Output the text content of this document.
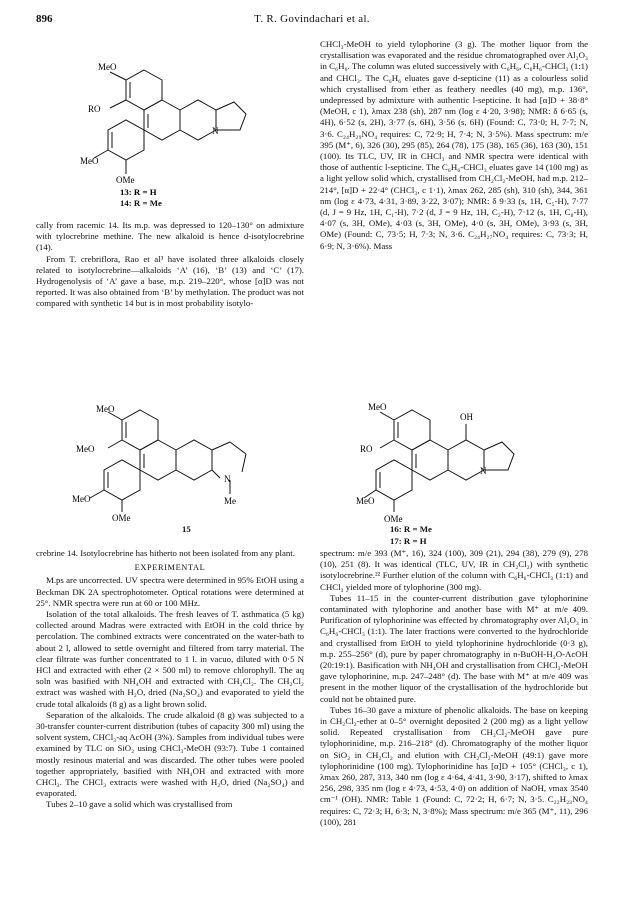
896	T. R. Govindachari et al.
MeO
RO
MeO
OMe
N
13: R = H
14: R = Me

cally from racemic 14. Its m.p. was depressed to 120–130° on admixture with tylocrebrine methine. The new alkaloid is hence d-isotylocrebrine (14).

From T. crebriflora, Rao et al³ have isolated three alkaloids closely related to isotylocrebrine—alkaloids ‘A’ (16), ‘B’ (13) and ‘C’ (17). Hydrogenolysis of ‘A’ gave a base, m.p. 219–220°, whose [α]D was not reported. It was also obtained from ‘B’ by methylation. The product was not compared with synthetic 14 but is in most probability isotylo-

CHCl₃-MeOH to yield tylophorine (3 g). The mother liquor from the crystallisation was evaporated and the residue chromatographed over Al₂O₃ in C₆H₆. The column was eluted successively with C₆H₆, C₆H₆-CHCl₃ (1:1) and CHCl₃. The C₆H₆ eluates gave d-septicine (11) as a colourless solid which crystallised from ether as feathery needles (40 mg), m.p. 136°, undepressed by admixture with authentic l-septicine. It had [α]D + 38·8° (MeOH, c 1), λmax 238 (sh), 287 nm (log ε 4·20, 3·98); NMR: δ 6·65 (s, 4H), 6·52 (s, 2H), 3·77 (s, 6H), 3·56 (s, 6H) (Found: C, 73·0; H, 7·7; N, 3·6. C₂₄H₂₉NO₄ requires: C, 72·9; H, 7·4; N, 3·5%). Mass spectrum: m/e 395 (M⁺, 6), 326 (30), 295 (85), 264 (78), 175 (38), 165 (36), 163 (30), 151 (100). Its TLC, UV, IR in CHCl₃ and NMR spectra were identical with those of authentic l-septicine. The C₆H₆-CHCl₃ eluates gave 14 (100 mg) as a light yellow solid which, crystallised from CH₂Cl₂-MeOH, had m.p. 212–214°, [α]D + 22·4° (CHCl₃, c 1·1), λmax 262, 285 (sh), 310 (sh), 344, 361 nm (log ε 4·73, 4·31, 3·89, 3·22, 3·07); NMR: δ 9·33 (s, 1H, C₅-H), 7·77 (d, J = 9 Hz, 1H, C₁-H), 7·2 (d, J = 9 Hz, 1H, C₂-H), 7·12 (s, 1H, C₈-H), 4·07 (s, 3H, OMe), 4·03 (s, 3H, OMe), 4·0 (s, 3H, OMe), 3·93 (s, 3H, OMe) (Found: C, 73·5; H, 7·3; N, 3·6. C₂₄H₂₇NO₄ requires: C, 73·3; H, 6·9; N, 3·6%). Mass

MeO
MeO
MeO
OMe
N
Me
15
MeO
OH
RO
MeO
OMe
N
16: R = Me
17: R = H

crebrine 14. Isotylocrebrine has hitherto not been isolated from any plant.

EXPERIMENTAL

M.ps are uncorrected. UV spectra were determined in 95% EtOH using a Beckman DK 2A spectrophotometer. Optical rotations were determined at 25°. NMR spectra were run at 60 or 100 MHz.

Isolation of the total alkaloids. The fresh leaves of T. asthmatica (5 kg) collected around Madras were extracted with EtOH in the cold thrice by percolation. The combined extracts were concentrated on the water-bath to about 2 l, allowed to settle overnight and filtered from tarry material. The clear filtrate was further concentrated to 1 l. in vacuo, diluted with 0·5 N HCl and extracted with ether (2 × 500 ml) to remove chlorophyll. The aq soln was basified with NH₄OH and extracted with CH₂Cl₂. The CH₂Cl₂ extract was washed with H₂O, dried (Na₂SO₄) and evaporated to yield the crude total alkaloids (8 g) as a light brown solid.

Separation of the alkaloids. The crude alkaloid (8 g) was subjected to a 30-transfer counter-current distribution (tubes of capacity 300 ml) using the solvent system, CHCl₃-aq AcOH (3%). Samples from individual tubes were examined by TLC on SiO₂ using CHCl₃-MeOH (93:7). Tube 1 contained mostly resinous material and was discarded. The other tubes were pooled together appropriately, basified with NH₄OH and extracted with more CHCl₃. The CHCl₃ extracts were washed with H₂O, dried (Na₂SO₄) and evaporated.

Tubes 2–10 gave a solid which was crystallised from

spectrum: m/e 393 (M⁺, 16), 324 (100), 309 (21), 294 (38), 279 (9), 278 (10), 251 (8). It was identical (TLC, UV, IR in CH₂Cl₂) with synthetic isotylocrebrine.²² Further elution of the column with C₆H₆-CHCl₃ (1:1) and CHCl₃ yielded more of tylophorine (300 mg).

Tubes 11–15 in the counter-current distribution gave tylophorinine contaminated with tylophorine and another base with M⁺ at m/e 409. Purification of tylophorinine was effected by chromatography over Al₂O₃ in C₆H₆-CHCl₃ (1:1). The later fractions were converted to the hydrochloride and crystallised from EtOH to yield tylophorinine hydrochloride (0·3 g), m.p. 255–256° (d), pure by paper chromatography in n-BuOH-H₂O-AcOH (20:19:1). Basification with NH₄OH and crystallisation from CHCl₃-MeOH gave tylophorinine, m.p. 247–248° (d). The base with M⁺ at m/e 409 was present in the mother liquor of the crystallisation of the hydrochloride but could not be obtained pure.

Tubes 16–30 gave a mixture of phenolic alkaloids. The base on keeping in CH₂Cl₂-ether at 0–5° overnight deposited 2 (200 mg) as a light yellow solid. Repeated crystallisation from CH₂Cl₂-MeOH gave pure tylophorinidine, m.p. 216–218° (d). Chromatography of the mother liquor on SiO₂ in CH₂Cl₂ and elution with CH₂Cl₂-MeOH (49:1) gave more tylophorinidine (100 mg). Tylophorinidine has [α]D + 105° (CHCl₃, c 1), λmax 260, 287, 313, 340 nm (log ε 4·64, 4·41, 3·90, 3·17), shifted to λmax 256, 298, 335 nm (log ε 4·73, 4·53, 4·0) on addition of NaOH, νmax 3540 cm⁻¹ (OH). NMR: Table 1 (Found: C, 72·2; H, 6·7; N, 3·5. C₂₂H₂₃NO₄ requires: C, 72·3; H, 6·3; N, 3·8%); Mass spectrum: m/e 365 (M⁺, 11), 296 (100), 281
